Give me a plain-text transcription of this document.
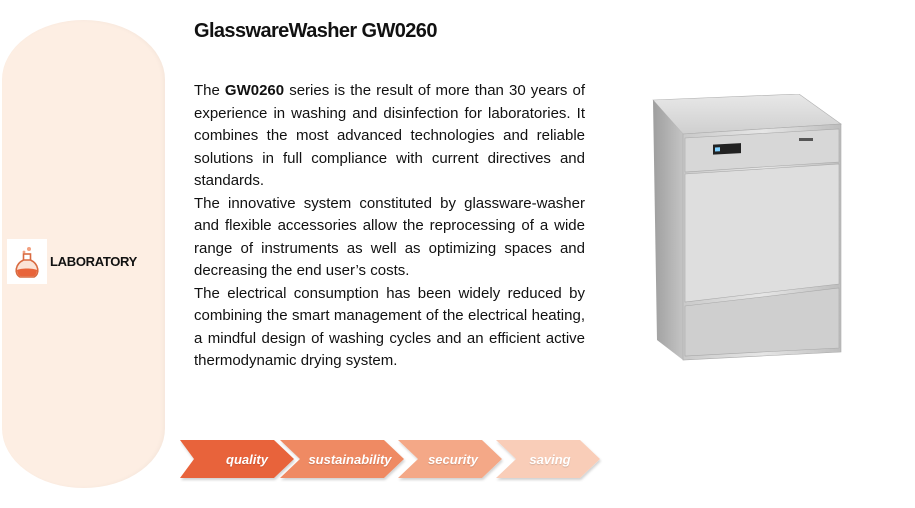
LABORATORY
GlasswareWasher GW0260

The GW0260 series is the result of more than 30 years of experience in washing and disinfection for laboratories. It combines the most advanced technologies and reliable solutions in full compliance with current directives and standards.

The innovative system constituted by glassware-washer and flexible accessories allow the reprocessing of a wide range of instruments as well as optimizing spaces and decreasing the end user’s costs.

The electrical consumption has been widely reduced by combining the smart management of the electrical heating, a mindful design of washing cycles and an efficient active thermodynamic drying system.

quality	sustainability	security	saving
